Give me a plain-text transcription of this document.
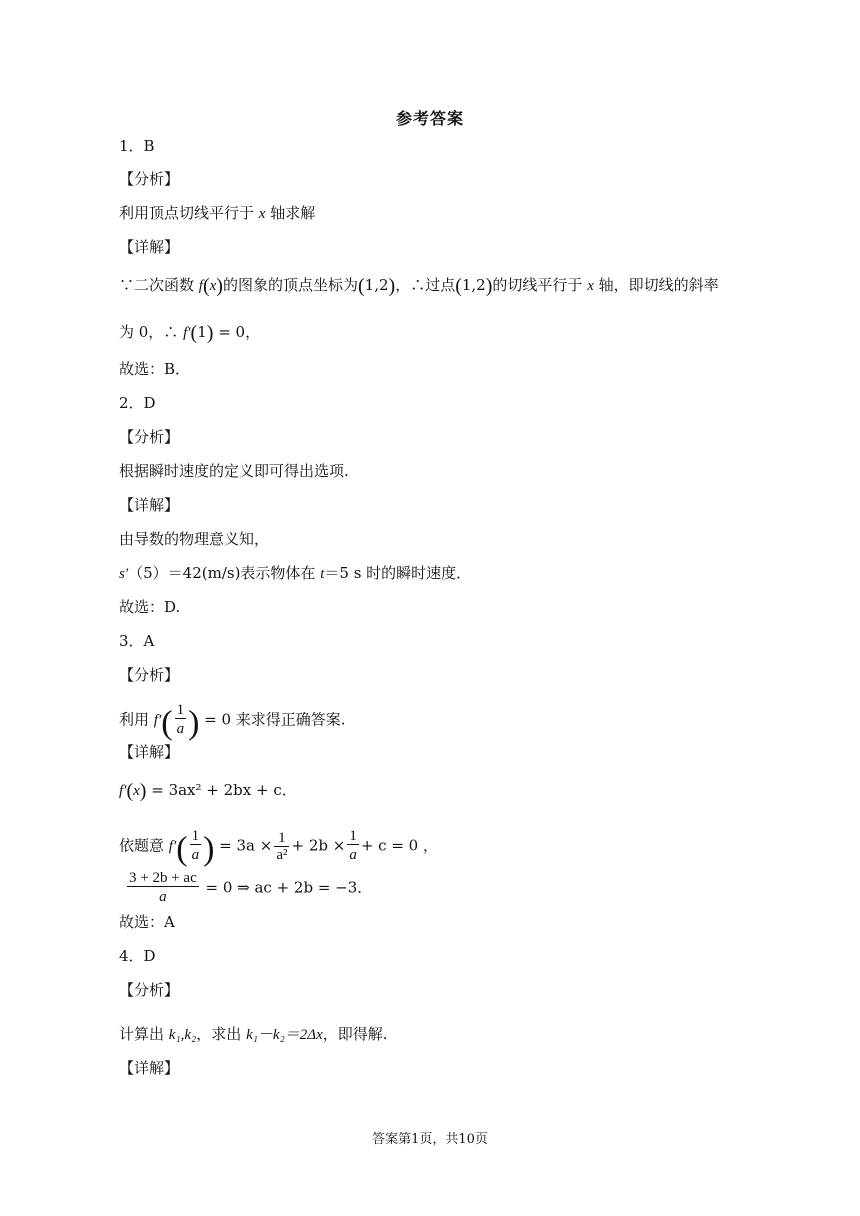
参考答案
1．B
【分析】
利用顶点切线平行于 x 轴求解
【详解】
∵二次函数 f(x)的图象的顶点坐标为(1,2)，∴过点(1,2)的切线平行于 x 轴，即切线的斜率
为 0，∴ f′(1) = 0，
故选：B．
2．D
【分析】
根据瞬时速度的定义即可得出选项.
【详解】
由导数的物理意义知，
s′（5）＝42(m/s)表示物体在 t＝5 s 时的瞬时速度．
故选：D.
3．A
【分析】
利用 $f'( \frac{1}{a}) = 0$ 来求得正确答案.
【详解】
f′(x) = 3ax² + 2bx + c．
依题意 $f'( \frac{1}{a}) = 3a \times \frac{1}{\text{a²}} + 2b \times \frac{1}{a} + c = 0$ ，
$\frac{3 + 2b + ac}{a} = 0$ ⇒ ac + 2b = −3．
故选：A
4．D
【分析】
计算出 k₁,k₂，求出 k₁－k₂＝2Δx，即得解.
【详解】
答案第1页，共10页
